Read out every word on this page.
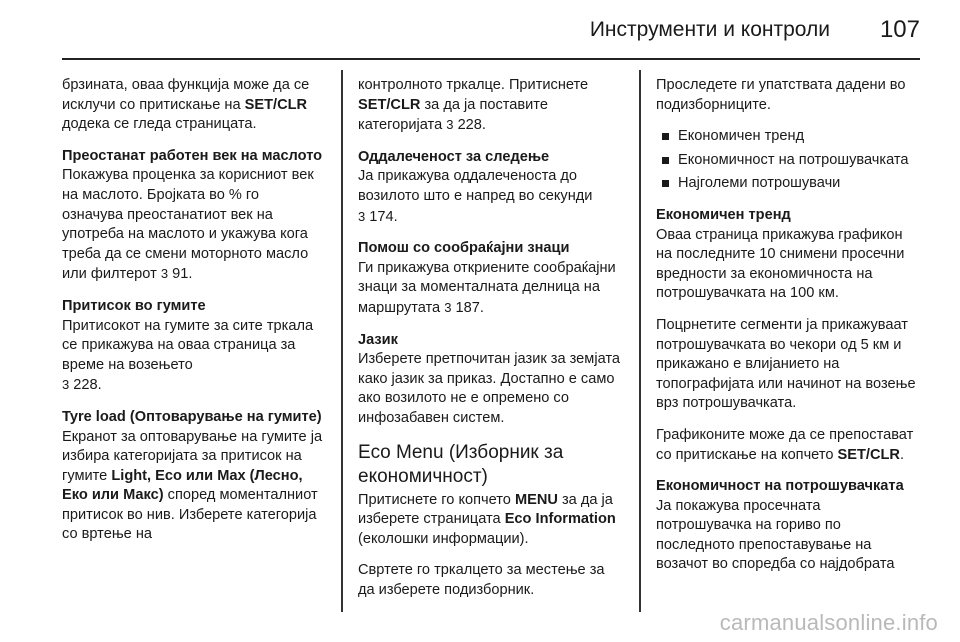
Инструменти и контроли 107

брзината, оваа функција може да се исклучи со притискање на SET/CLR додека се гледа страницата.

Преостанат работен век на маслото
Покажува проценка за корисниот век на маслото. Бројката во % го означува преостанатиот век на употреба на маслото и укажува кога треба да се смени моторното масло или филтерот 3 91.
Притисок во гумите
Притисокот на гумите за сите тркала се прикажува на оваа страница за време на возењето
3 228.
Tyre load (Оптоварување на гумите)
Екранот за оптоварување на гумите ја избира категоријата за притисок на гумите Light, Eco или Max (Лесно, Еко или Макс) според моменталниот притисок во нив. Изберете категорија со вртење на

контролното тркалце. Притиснете SET/CLR за да ја поставите категоријата 3 228.

Оддалеченост за следење
Ја прикажува оддалеченоста до возилото што е напред во секунди
3 174.
Помош со сообраќајни знаци
Ги прикажува откриените сообраќајни знаци за моменталната делница на маршрутата 3 187.
Јазик
Изберете претпочитан јазик за земјата како јазик за приказ. Достапно е само ако возилото не е опремено со инфозабавен систем.
Eco Menu (Изборник за економичност)

Притиснете го копчето MENU за да ја изберете страницата Eco Information (еколошки информации).

Свртете го тркалцето за местење за да изберете подизборник.

Проследете ги упатствата дадени во подизборниците.

Економичен тренд
Економичност на потрошувачката
Најголеми потрошувачи
Економичен тренд

Оваа страница прикажува графикон на последните 10 снимени просечни вредности за економичноста на потрошувачката на 100 км.

Поцрнетите сегменти ја прикажуваат потрошувачката во чекори од 5 км и прикажано е влијанието на топографијата или начинот на возење врз потрошувачката.

Графиконите може да се препостават со притискање на копчето SET/CLR.

Економичност на потрошувачката
Ја покажува просечната потрошувачка на гориво по последното препоставување на возачот во споредба со најдобрата
carmanualsonline.info
